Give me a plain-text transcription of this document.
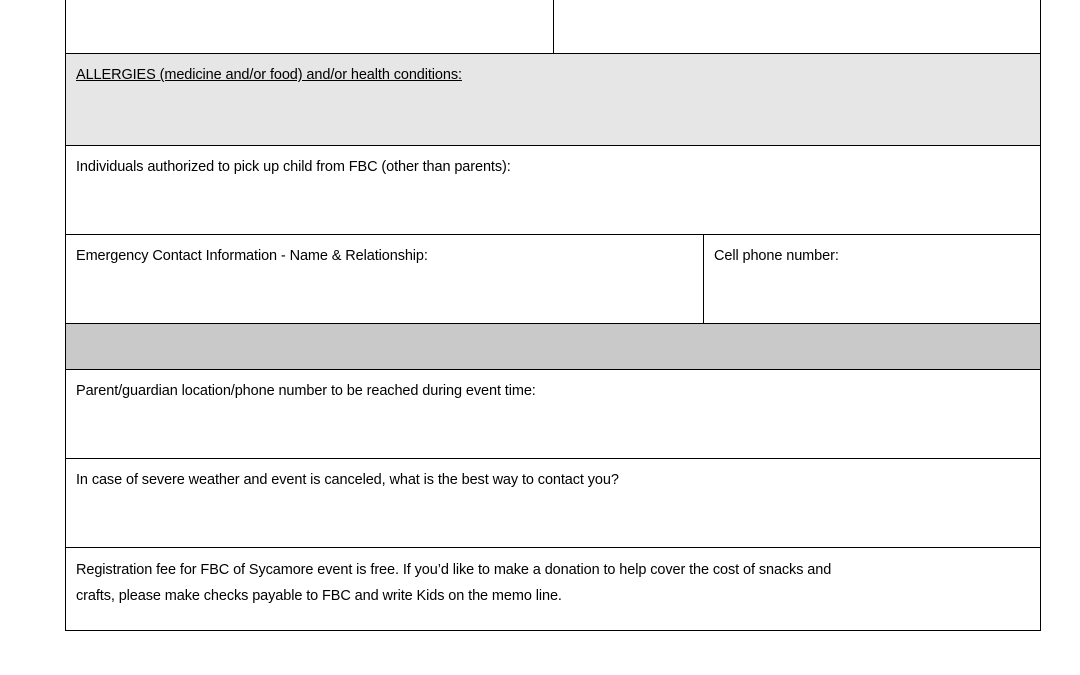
ALLERGIES (medicine and/or food) and/or health conditions:
Individuals authorized to pick up child from FBC (other than parents):
Emergency Contact Information - Name & Relationship:	Cell phone number:
Parent/guardian location/phone number to be reached during event time:
In case of severe weather and event is canceled, what is the best way to contact you?
Registration fee for FBC of Sycamore event is free. If you’d like to make a donation to help cover the cost of snacks and
crafts, please make checks payable to FBC and write Kids on the memo line.
